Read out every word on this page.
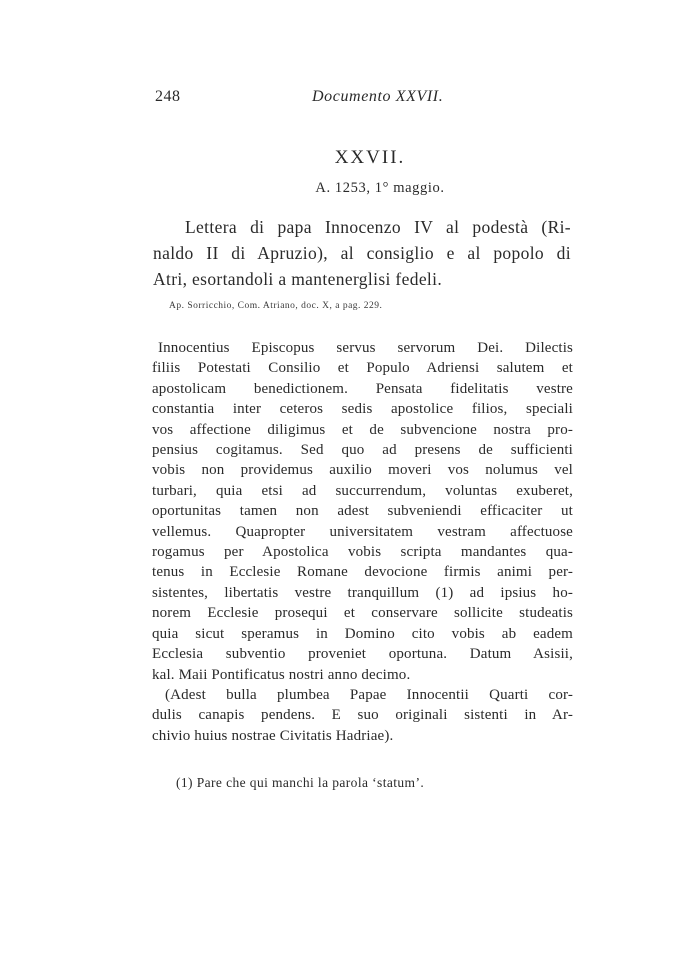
248	Documento XXVII.
XXVII.
A. 1253, 1° maggio.
Lettera di papa Innocenzo IV al podestà (Ri-
naldo II di Apruzio), al consiglio e al popolo di
Atri, esortandoli a mantenerglisi fedeli.
Ap. Sorricchio, Com. Atriano, doc. X, a pag. 229.
Innocentius Episcopus servus servorum Dei. Dilectis
filiis Potestati Consilio et Populo Adriensi salutem et
apostolicam benedictionem. Pensata fidelitatis vestre
constantia inter ceteros sedis apostolice filios, speciali
vos affectione diligimus et de subvencione nostra pro-
pensius cogitamus. Sed quo ad presens de sufficienti
vobis non providemus auxilio moveri vos nolumus vel
turbari, quia etsi ad succurrendum, voluntas exuberet,
oportunitas tamen non adest subveniendi efficaciter ut
vellemus. Quapropter universitatem vestram affectuose
rogamus per Apostolica vobis scripta mandantes qua-
tenus in Ecclesie Romane devocione firmis animi per-
sistentes, libertatis vestre tranquillum (1) ad ipsius ho-
norem Ecclesie prosequi et conservare sollicite studeatis
quia sicut speramus in Domino cito vobis ab eadem
Ecclesia subventio proveniet oportuna. Datum Asisii,
kal. Maii Pontificatus nostri anno decimo.
(Adest bulla plumbea Papae Innocentii Quarti cor-
dulis canapis pendens. E suo originali sistenti in Ar-
chivio huius nostrae Civitatis Hadriae).
(1) Pare che qui manchi la parola ‘statum’.
